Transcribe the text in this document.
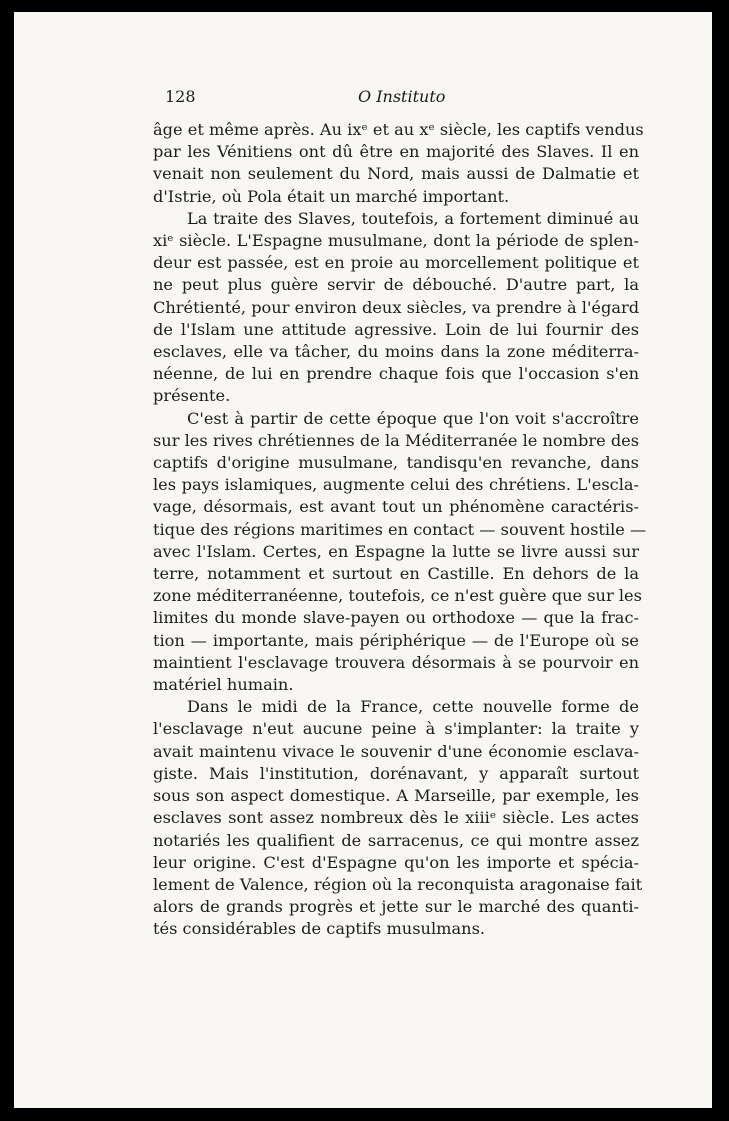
128	O Instituto

âge et même après. Au ixᵉ et au xᵉ siècle, les captifs vendus
par les Vénitiens ont dû être en majorité des Slaves. Il en
venait non seulement du Nord, mais aussi de Dalmatie et
d'Istrie, où Pola était un marché important.

La traite des Slaves, toutefois, a fortement diminué au
xiᵉ siècle. L'Espagne musulmane, dont la période de splen-
deur est passée, est en proie au morcellement politique et
ne peut plus guère servir de débouché. D'autre part, la
Chrétienté, pour environ deux siècles, va prendre à l'égard
de l'Islam une attitude agressive. Loin de lui fournir des
esclaves, elle va tâcher, du moins dans la zone méditerra-
néenne, de lui en prendre chaque fois que l'occasion s'en
présente.

C'est à partir de cette époque que l'on voit s'accroître
sur les rives chrétiennes de la Méditerranée le nombre des
captifs d'origine musulmane, tandisqu'en revanche, dans
les pays islamiques, augmente celui des chrétiens. L'escla-
vage, désormais, est avant tout un phénomène caractéris-
tique des régions maritimes en contact — souvent hostile —
avec l'Islam. Certes, en Espagne la lutte se livre aussi sur
terre, notamment et surtout en Castille. En dehors de la
zone méditerranéenne, toutefois, ce n'est guère que sur les
limites du monde slave-payen ou orthodoxe — que la frac-
tion — importante, mais périphérique — de l'Europe où se
maintient l'esclavage trouvera désormais à se pourvoir en
matériel humain.

Dans le midi de la France, cette nouvelle forme de
l'esclavage n'eut aucune peine à s'implanter: la traite y
avait maintenu vivace le souvenir d'une économie esclava-
giste. Mais l'institution, dorénavant, y apparaît surtout
sous son aspect domestique. A Marseille, par exemple, les
esclaves sont assez nombreux dès le xiiiᵉ siècle. Les actes
notariés les qualifient de sarracenus, ce qui montre assez
leur origine. C'est d'Espagne qu'on les importe et spécia-
lement de Valence, région où la reconquista aragonaise fait
alors de grands progrès et jette sur le marché des quanti-
tés considérables de captifs musulmans.
